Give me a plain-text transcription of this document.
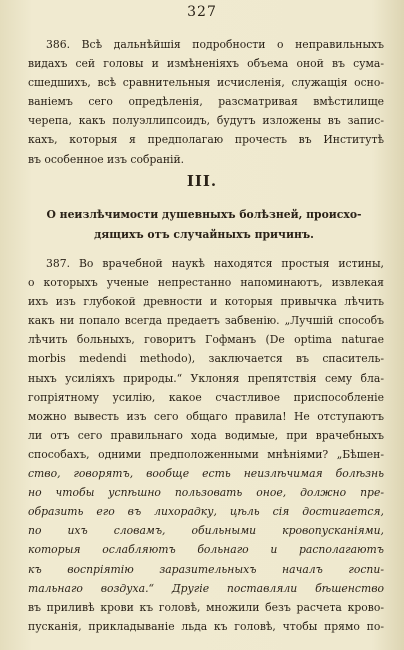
327
386. Всѣ дальнѣйшія подробности о неправильныхъ
видахъ сей головы и измѣненіяхъ объема оной въ сума-
сшедшихъ, всѣ сравнительныя исчисленія, служащія осно-
ваніемъ сего опредѣленія, разсматривая вмѣстилище
черепа, какъ полуэллипсоидъ, будутъ изложены въ запис-
кахъ, которыя я предполагаю прочесть въ Институтѣ
въ особенное изъ собраній.
III.
О неизлѣчимости душевныхъ болѣзней, происхо-
дящихъ отъ случайныхъ причинъ.
387. Во врачебной наукѣ находятся простыя истины,
о которыхъ ученые непрестанно напоминаютъ, извлекая
ихъ изъ глубокой древности и которыя привычка лѣчить
какъ ни попало всегда предаетъ забвенію. „Лучшій способъ
лѣчить больныхъ, говоритъ Гофманъ (De optima naturae
morbis medendi methodo), заключается въ спаситель-
ныхъ усиліяхъ природы.“ Уклоняя препятствія сему бла-
гопріятному усилію, какое счастливое приспособленіе
можно вывесть изъ сего общаго правила! Не отступаютъ
ли отъ сего правильнаго хода водимые, при врачебныхъ
способахъ, одними предположенными мнѣніями? „Бѣшен-
ство, говорятъ, вообще есть неизлѣчимая болѣзнь
но чтобы успѣшно пользовать оное, должно пре-
образить его въ лихорадку, цѣль сія достигается,
по ихъ словамъ, обильными кровопусканіями,
которыя ослабляютъ больнаго и располагаютъ
къ воспріятію заразительныхъ началъ госпи-
тальнаго воздуха.“ Другіе поставляли бѣшенство
въ приливѣ крови къ головѣ, множили безъ расчета крово-
пусканія, прикладываніе льда къ головѣ, чтобы прямо по-
